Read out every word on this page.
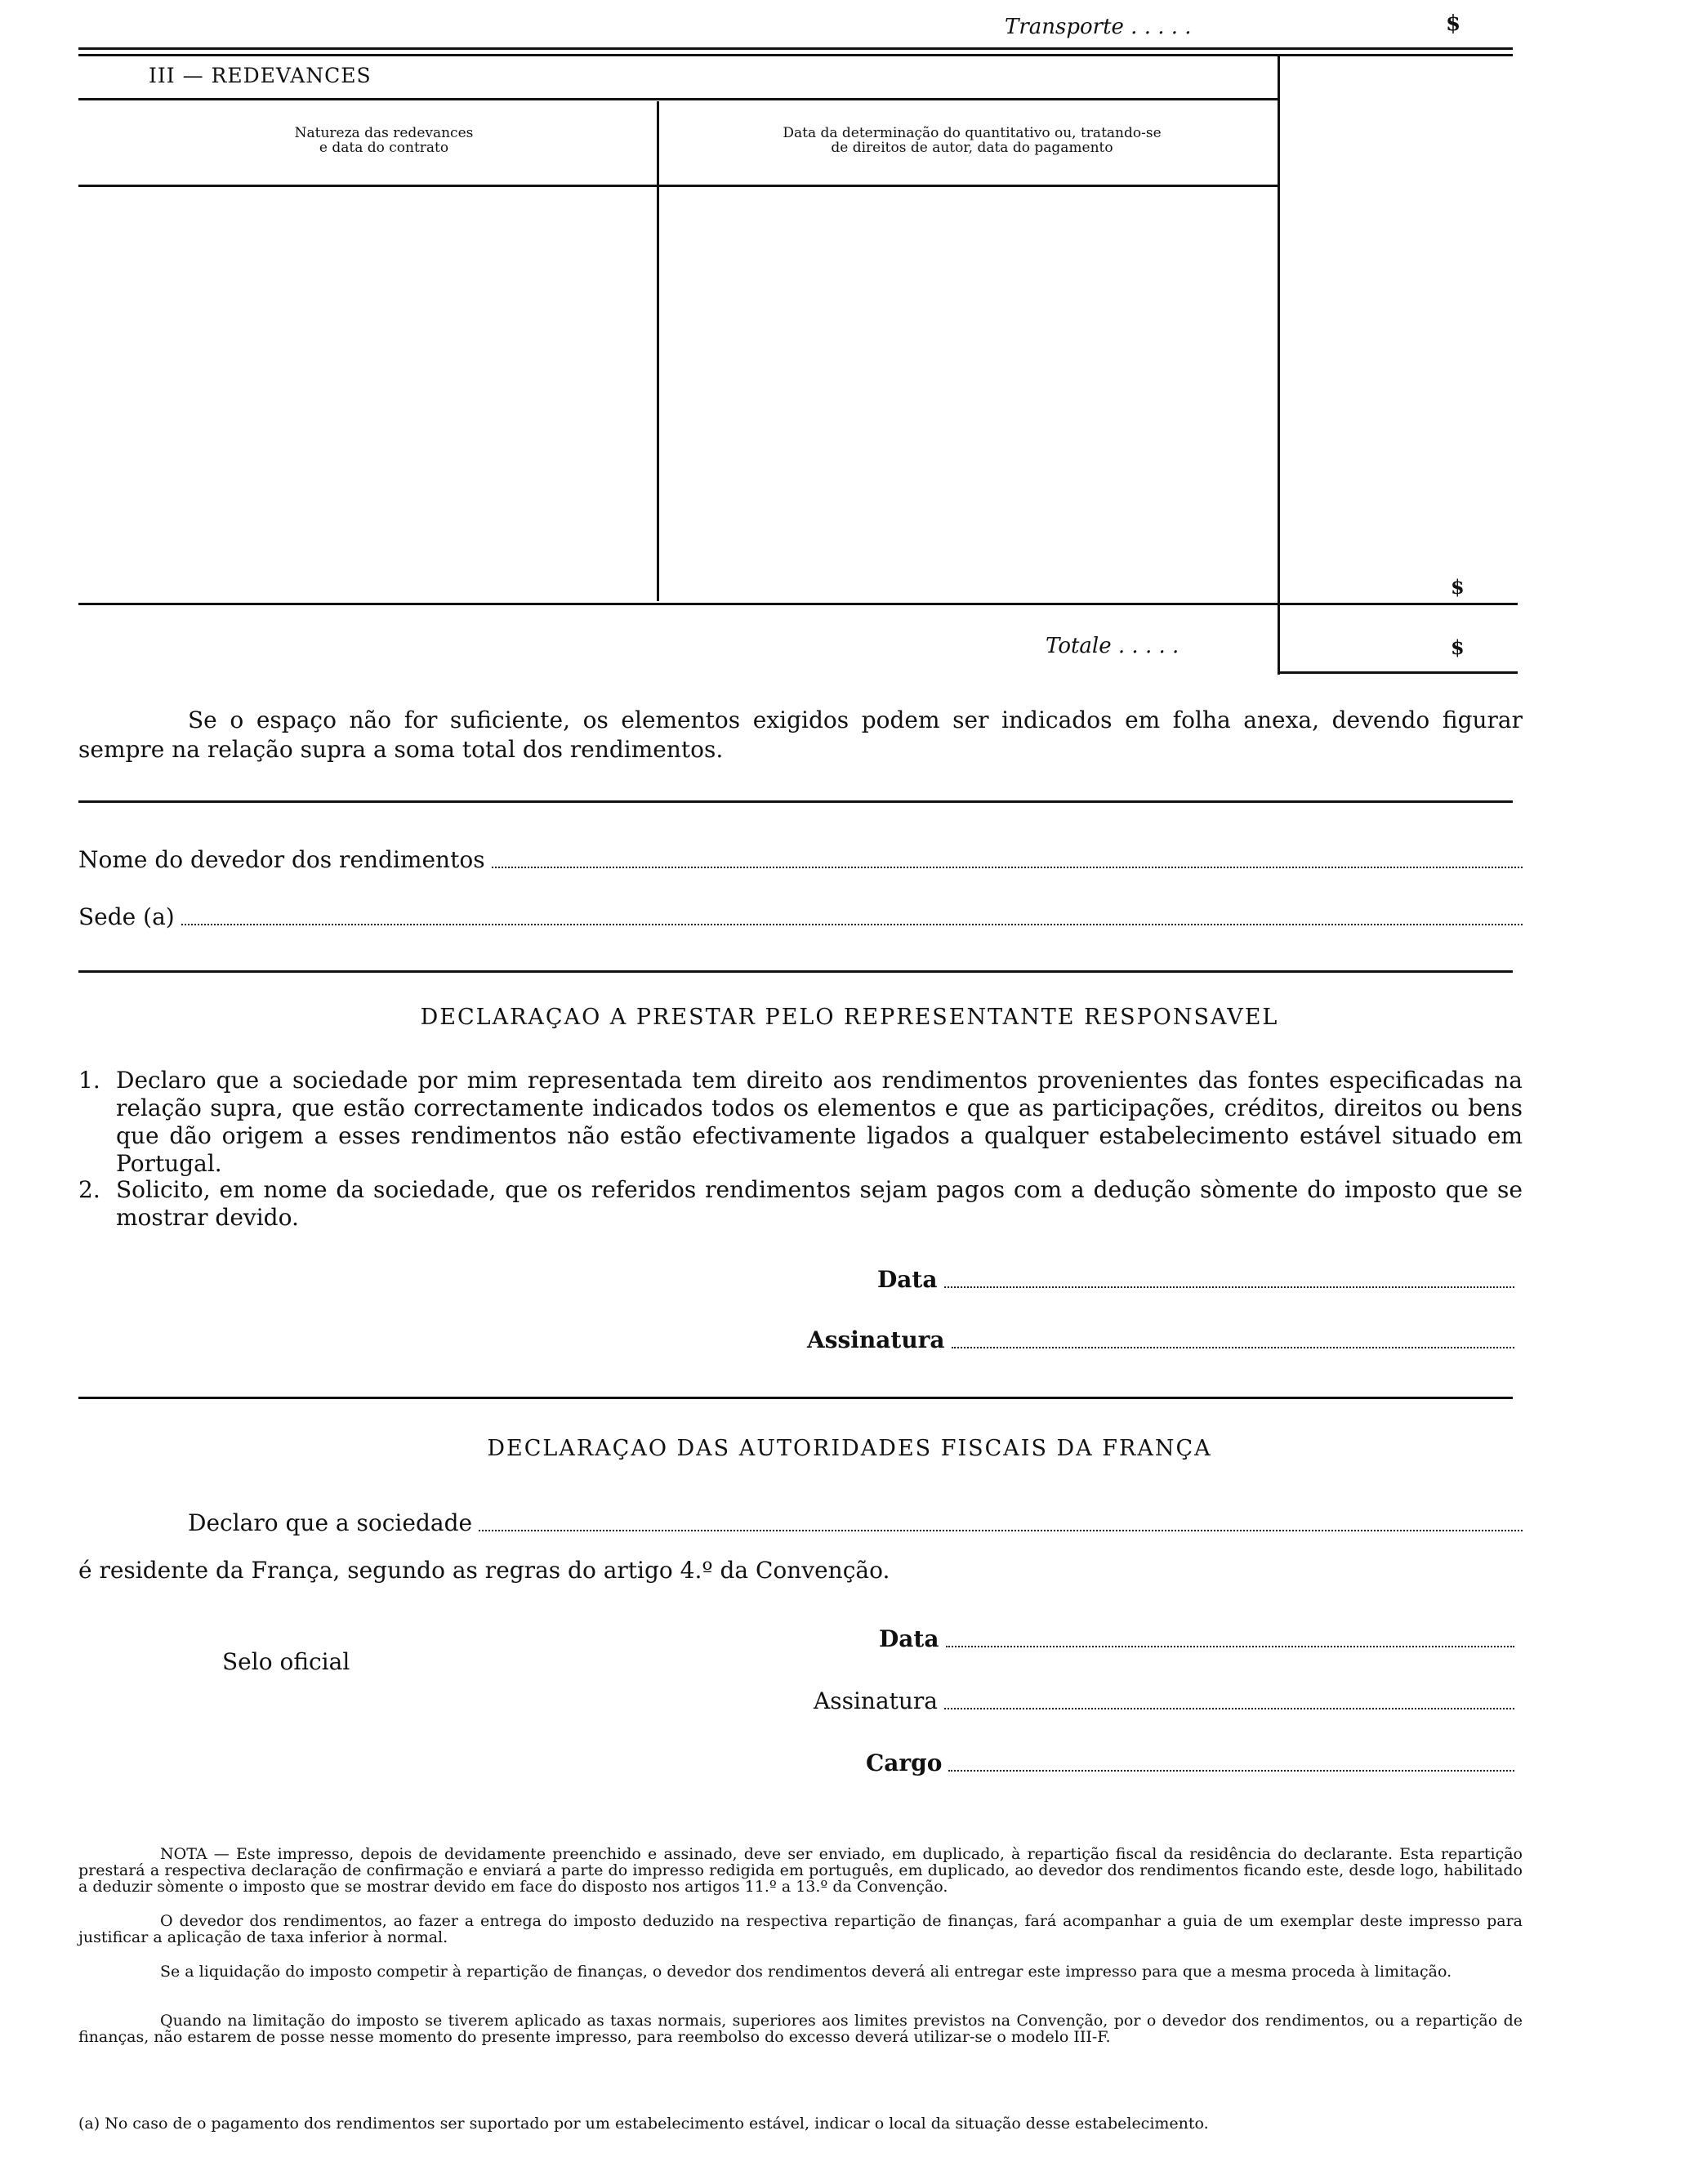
Transporte . . . . .	$
III — REDEVANCES
Natureza das redevances
e data do contrato
Data da determinação do quantitativo ou, tratando-se
de direitos de autor, data do pagamento
$
Totale . . . . .	$
Se o espaço não for suficiente, os elementos exigidos podem ser indicados em folha anexa, devendo figurar sempre na relação supra a soma total dos rendimentos.
Nome do devedor dos rendimentos
Sede (a)
DECLARAÇAO A PRESTAR PELO REPRESENTANTE RESPONSAVEL
1. Declaro que a sociedade por mim representada tem direito aos rendimentos provenientes das fontes especificadas na relação supra, que estão correctamente indicados todos os elementos e que as participações, créditos, direitos ou bens que dão origem a esses rendimentos não estão efectivamente ligados a qualquer estabelecimento estável situado em Portugal.
2. Solicito, em nome da sociedade, que os referidos rendimentos sejam pagos com a dedução sòmente do imposto que se mostrar devido.
Data
Assinatura
DECLARAÇAO DAS AUTORIDADES FISCAIS DA FRANÇA
Declaro que a sociedade
é residente da França, segundo as regras do artigo 4.º da Convenção.
Selo oficial
Data
Assinatura
Cargo
NOTA — Este impresso, depois de devidamente preenchido e assinado, deve ser enviado, em duplicado, à repartição fiscal da residência do declarante. Esta repartição prestará a respectiva declaração de confirmação e enviará a parte do impresso redigida em português, em duplicado, ao devedor dos rendimentos ficando este, desde logo, habilitado a deduzir sòmente o imposto que se mostrar devido em face do disposto nos artigos 11.º a 13.º da Convenção.
O devedor dos rendimentos, ao fazer a entrega do imposto deduzido na respectiva repartição de finanças, fará acompanhar a guia de um exemplar deste impresso para justificar a aplicação de taxa inferior à normal.
Se a liquidação do imposto competir à repartição de finanças, o devedor dos rendimentos deverá ali entregar este impresso para que a mesma proceda à limitação.
Quando na limitação do imposto se tiverem aplicado as taxas normais, superiores aos limites previstos na Convenção, por o devedor dos rendimentos, ou a repartição de finanças, não estarem de posse nesse momento do presente impresso, para reembolso do excesso deverá utilizar-se o modelo III-F.
(a) No caso de o pagamento dos rendimentos ser suportado por um estabelecimento estável, indicar o local da situação desse estabelecimento.
